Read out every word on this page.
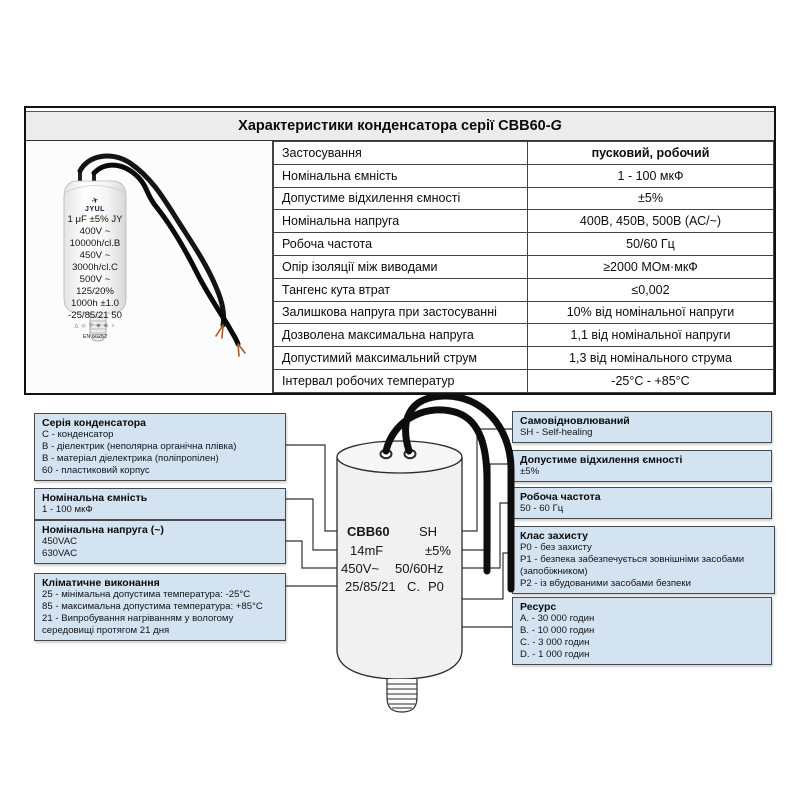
Характеристики конденсатора серії CBB60-G
✈
JYUL
1 μF ±5% JY
400V ~ 10000h/cl.B
450V ~ 3000h/cl.C
500V ~ 125/20%
1000h ±1.0
-25/85/21 50
△ ◇ ▽ ⊕ ⊖ ○
EN 60252
Застосування	пусковий, робочий
Номінальна ємність	1 - 100 мкФ
Допустиме відхилення ємності	±5%
Номінальна напруга	400В, 450В, 500В (АС/~)
Робоча частота	50/60 Гц
Опір ізоляції між виводами	≥2000 МОм·мкФ
Тангенс кута втрат	≤0,002
Залишкова напруга при застосуванні	10% від номінальної напруги
Дозволена максимальна напруга	1,1 від номінальної напруги
Допустимий максимальний струм	1,3 від номінального струма
Інтервал робочих температур	-25°С - +85°С
CBB60 SH
14mF	±5%
450V~ 50/60Hz
25/85/21 C. P0
Серія конденсатора
C - конденсатор
B - діелектрик (неполярна органічна плівка)
B - матеріал діелектрика (поліпропілен)
60 - пластиковий корпус
Номінальна ємність
1 - 100 мкФ
Номінальна напруга (~)
450VAC
630VAC
Кліматичне виконання
25 - мінімальна допустима температура: -25°C
85 - максимальна допустима температура: +85°C
21 - Випробування нагріванням у вологому середовищі протягом 21 дня
Самовідновлюваний
SH - Self-healing
Допустиме відхилення ємності
±5%
Робоча частота
50 - 60 Гц
Клас захисту
P0 - без захисту
P1 - безпека забезпечується зовнішніми засобами (запобіжником)
P2 - із вбудованими засобами безпеки
Ресурс
A. - 30 000 годин
B. - 10 000 годин
C. - 3 000 годин
D. - 1 000 годин
